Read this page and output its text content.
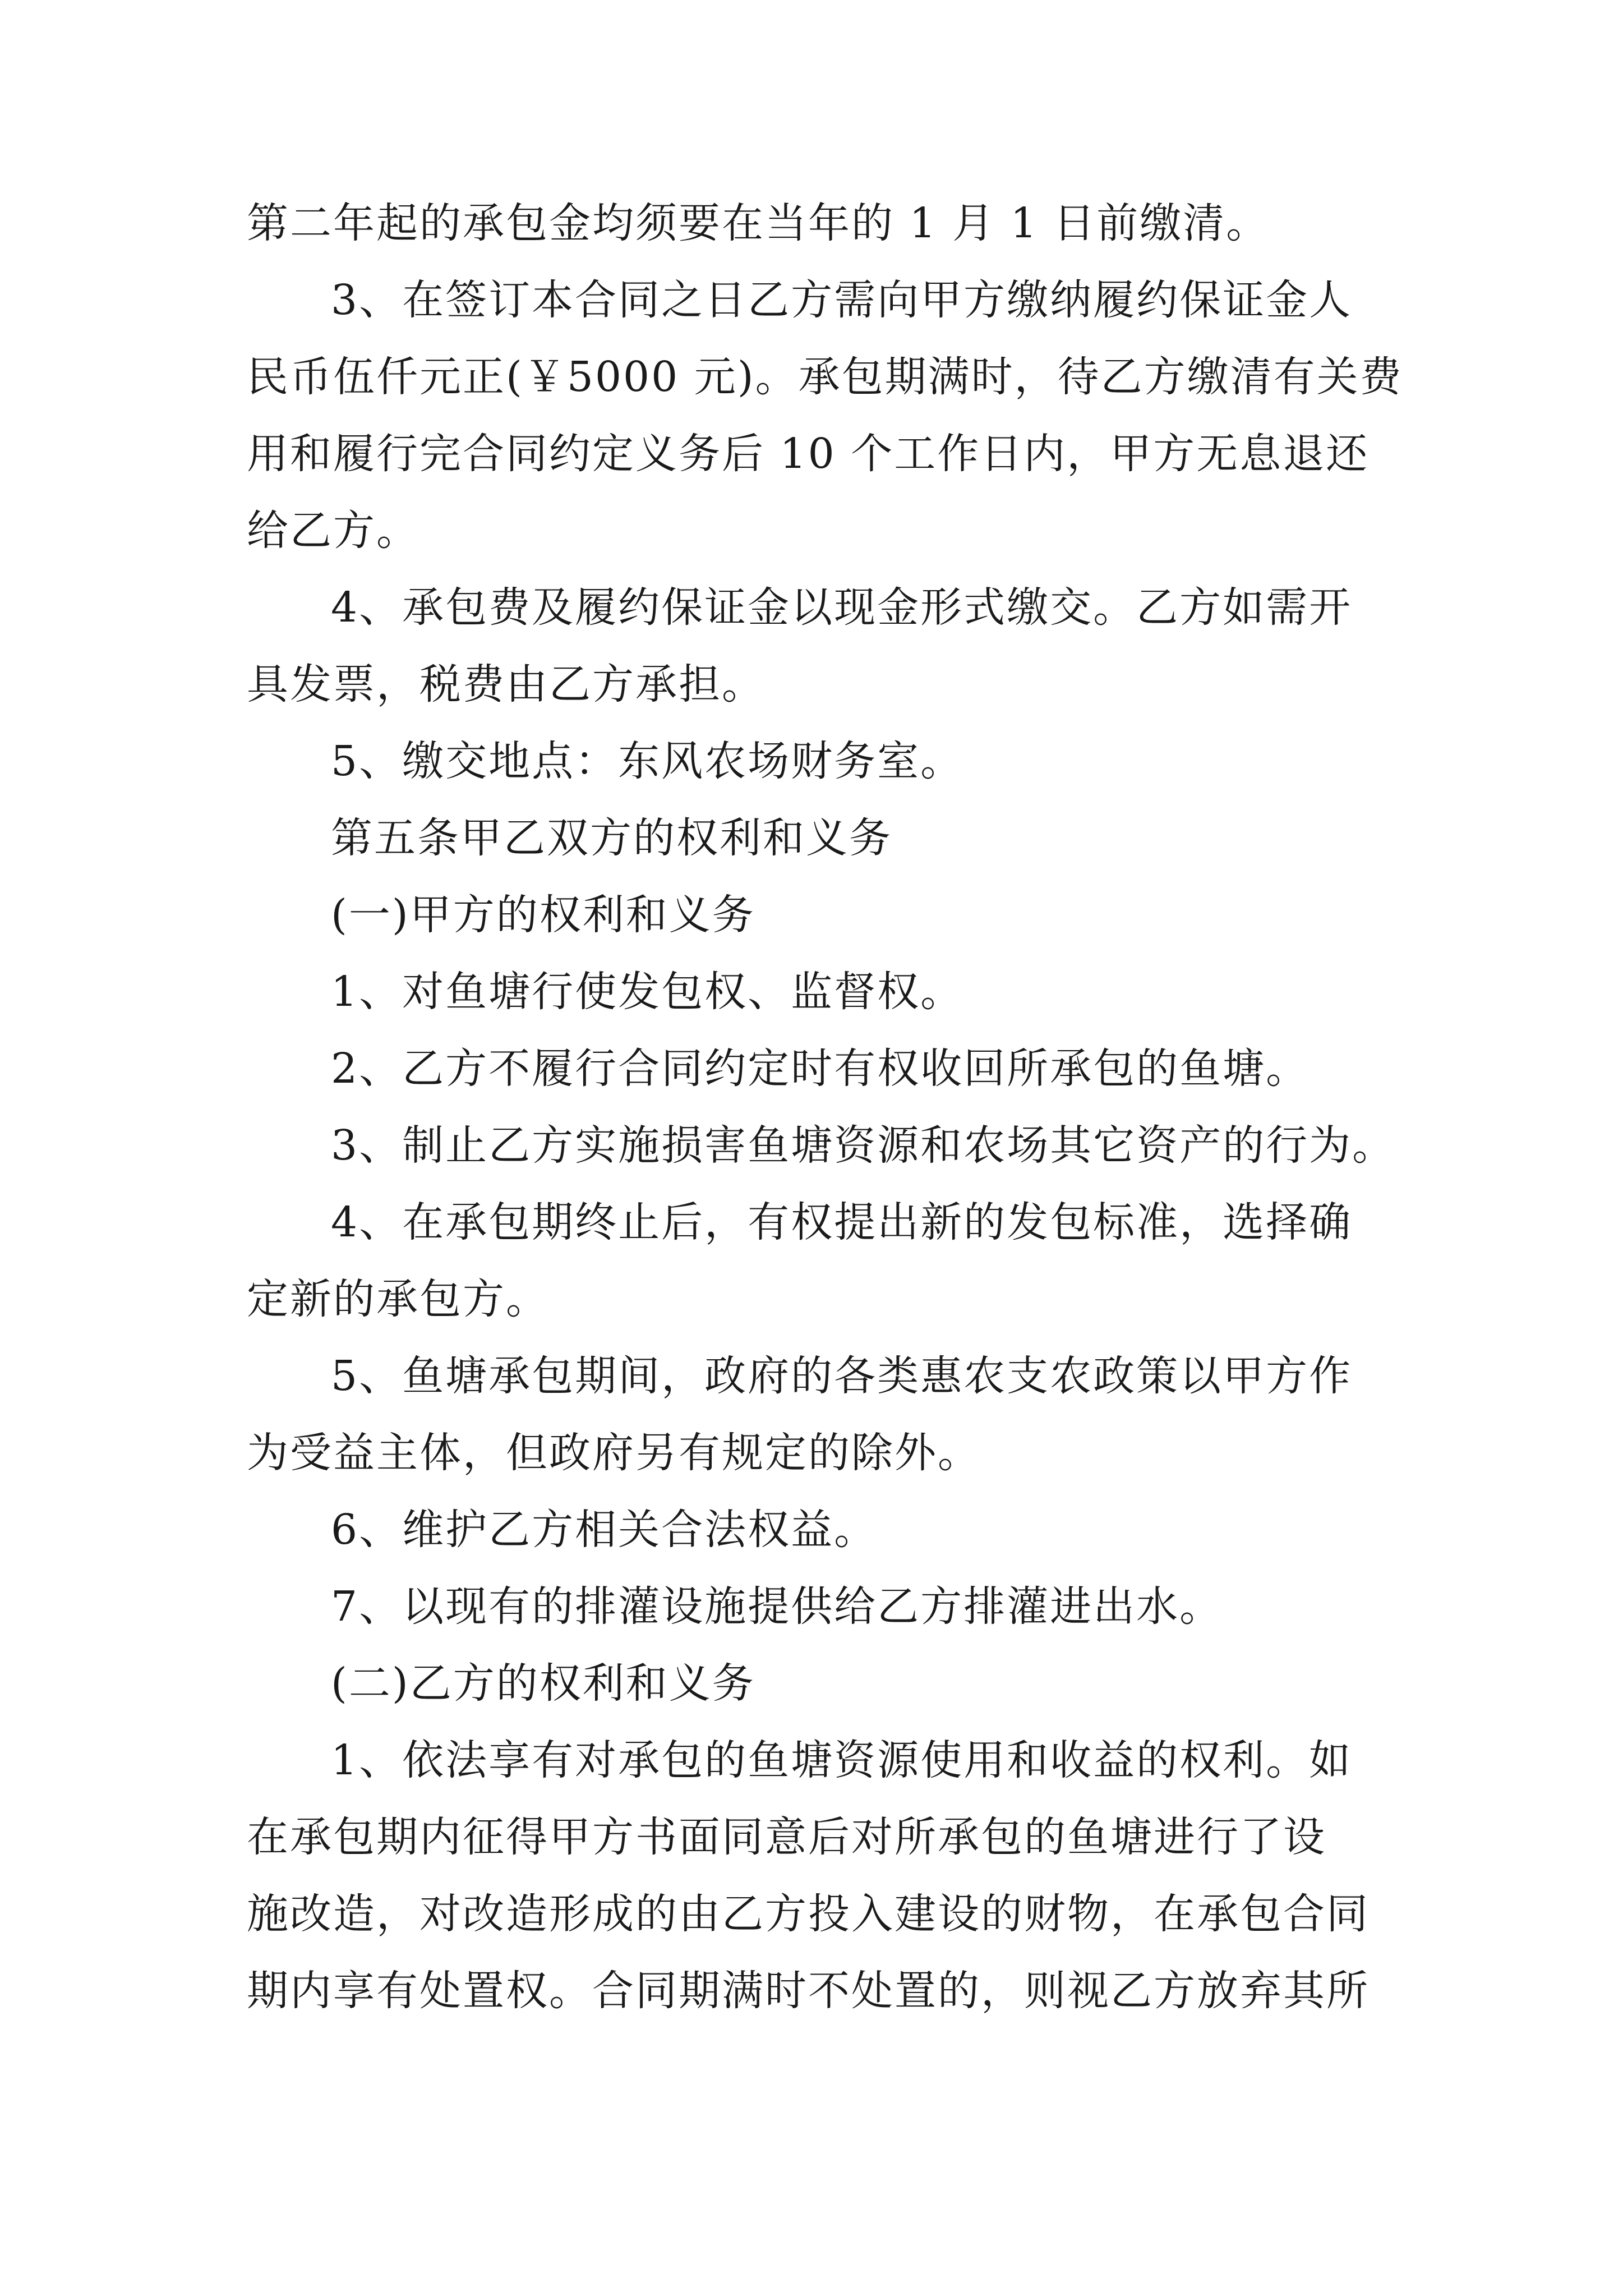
第二年起的承包金均须要在当年的 1 月 1 日前缴清。
3、在签订本合同之日乙方需向甲方缴纳履约保证金人
民币伍仟元正(￥5000 元)。承包期满时，待乙方缴清有关费
用和履行完合同约定义务后 10 个工作日内，甲方无息退还
给乙方。
4、承包费及履约保证金以现金形式缴交。乙方如需开
具发票，税费由乙方承担。
5、缴交地点：东风农场财务室。
第五条甲乙双方的权利和义务
(一)甲方的权利和义务
1、对鱼塘行使发包权、监督权。
2、乙方不履行合同约定时有权收回所承包的鱼塘。
3、制止乙方实施损害鱼塘资源和农场其它资产的行为。
4、在承包期终止后，有权提出新的发包标准，选择确
定新的承包方。
5、鱼塘承包期间，政府的各类惠农支农政策以甲方作
为受益主体，但政府另有规定的除外。
6、维护乙方相关合法权益。
7、以现有的排灌设施提供给乙方排灌进出水。
(二)乙方的权利和义务
1、依法享有对承包的鱼塘资源使用和收益的权利。如
在承包期内征得甲方书面同意后对所承包的鱼塘进行了设
施改造，对改造形成的由乙方投入建设的财物，在承包合同
期内享有处置权。合同期满时不处置的，则视乙方放弃其所
